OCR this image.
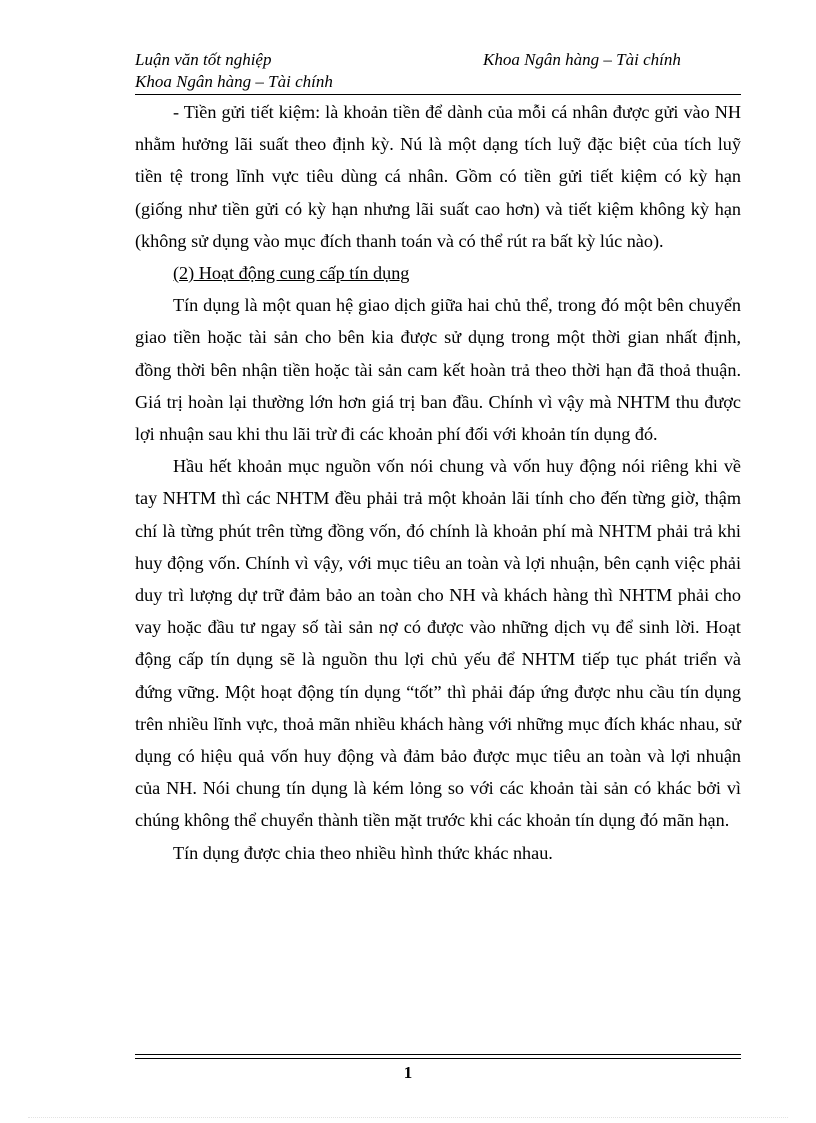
Luận văn tốt nghiệp
Khoa Ngân hàng – Tài chính
Khoa Ngân hàng – Tài chính

- Tiền gửi tiết kiệm: là khoản tiền để dành của mỗi cá nhân được gửi vào NH nhằm hưởng lãi suất theo định kỳ. Nú là một dạng tích luỹ đặc biệt của tích luỹ tiền tệ trong lĩnh vực tiêu dùng cá nhân. Gồm có tiền gửi tiết kiệm có kỳ hạn (giống như tiền gửi có kỳ hạn nhưng lãi suất cao hơn) và tiết kiệm không kỳ hạn (không sử dụng vào mục đích thanh toán và có thể rút ra bất kỳ lúc nào).

(2) Hoạt động cung cấp tín dụng

Tín dụng là một quan hệ giao dịch giữa hai chủ thể, trong đó một bên chuyển giao tiền hoặc tài sản cho bên kia được sử dụng trong một thời gian nhất định, đồng thời bên nhận tiền hoặc tài sản cam kết hoàn trả theo thời hạn đã thoả thuận. Giá trị hoàn lại thường lớn hơn giá trị ban đầu. Chính vì vậy mà NHTM thu được lợi nhuận sau khi thu lãi trừ đi các khoản phí đối với khoản tín dụng đó.

Hầu hết khoản mục nguồn vốn nói chung và vốn huy động nói riêng khi về tay NHTM thì các NHTM đều phải trả một khoản lãi tính cho đến từng giờ, thậm chí là từng phút trên từng đồng vốn, đó chính là khoản phí mà NHTM phải trả khi huy động vốn. Chính vì vậy, với mục tiêu an toàn và lợi nhuận, bên cạnh việc phải duy trì lượng dự trữ đảm bảo an toàn cho NH và khách hàng thì NHTM phải cho vay hoặc đầu tư ngay số tài sản nợ có được vào những dịch vụ để sinh lời. Hoạt động cấp tín dụng sẽ là nguồn thu lợi chủ yếu để NHTM tiếp tục phát triển và đứng vững. Một hoạt động tín dụng “tốt” thì phải đáp ứng được nhu cầu tín dụng trên nhiều lĩnh vực, thoả mãn nhiều khách hàng với những mục đích khác nhau, sử dụng có hiệu quả vốn huy động và đảm bảo được mục tiêu an toàn và lợi nhuận của NH. Nói chung tín dụng là kém lỏng so với các khoản tài sản có khác bởi vì chúng không thể chuyển thành tiền mặt trước khi các khoản tín dụng đó mãn hạn.

Tín dụng được chia theo nhiều hình thức khác nhau.

1
